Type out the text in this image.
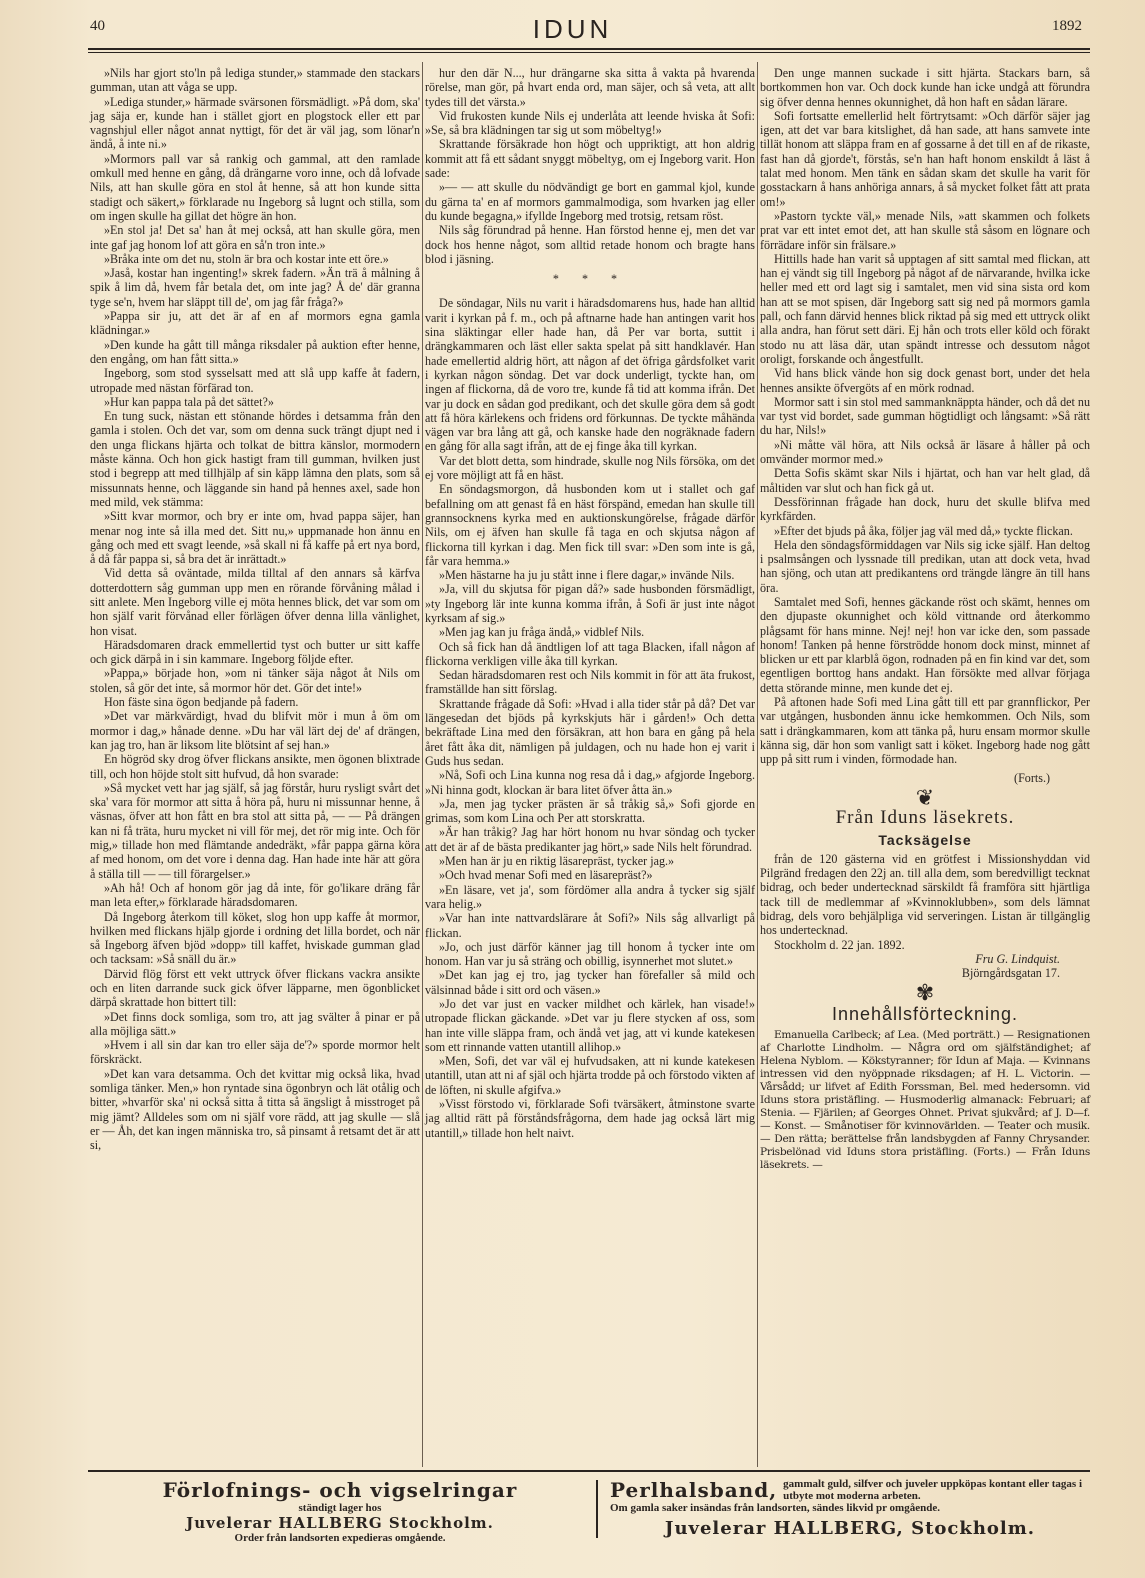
40	IDUN	1892

»Nils har gjort sto'ln på lediga stunder,» stammade den stackars gumman, utan att våga se upp.

»Lediga stunder,» härmade svärsonen försmädligt. »På dom, ska' jag säja er, kunde han i stället gjort en plogstock eller ett par vagnshjul eller något annat nyttigt, för det är väl jag, som lönar'n ändå, å inte ni.»

»Mormors pall var så rankig och gammal, att den ramlade omkull med henne en gång, då drängarne voro inne, och då lofvade Nils, att han skulle göra en stol åt henne, så att hon kunde sitta stadigt och säkert,» förklarade nu Ingeborg så lugnt och stilla, som om ingen skulle ha gillat det högre än hon.

»En stol ja! Det sa' han åt mej också, att han skulle göra, men inte gaf jag honom lof att göra en så'n tron inte.»

»Bråka inte om det nu, stoln är bra och kostar inte ett öre.»

»Jaså, kostar han ingenting!» skrek fadern. »Än trä å målning å spik å lim då, hvem får betala det, om inte jag? Å de' där granna tyge se'n, hvem har släppt till de', om jag får fråga?»

»Pappa sir ju, att det är af en af mormors egna gamla klädningar.»

»Den kunde ha gått till många riksdaler på auktion efter henne, den engång, om han fått sitta.»

Ingeborg, som stod sysselsatt med att slå upp kaffe åt fadern, utropade med nästan förfärad ton.

»Hur kan pappa tala på det sättet?»

En tung suck, nästan ett stönande hördes i detsamma från den gamla i stolen. Och det var, som om denna suck trängt djupt ned i den unga flickans hjärta och tolkat de bittra känslor, mormodern måste känna. Och hon gick hastigt fram till gumman, hvilken just stod i begrepp att med tillhjälp af sin käpp lämna den plats, som så missunnats henne, och läggande sin hand på hennes axel, sade hon med mild, vek stämma:

»Sitt kvar mormor, och bry er inte om, hvad pappa säjer, han menar nog inte så illa med det. Sitt nu,» uppmanade hon ännu en gång och med ett svagt leende, »så skall ni få kaffe på ert nya bord, å då får pappa si, så bra det är inrättadt.»

Vid detta så oväntade, milda tilltal af den annars så kärfva dotterdottern såg gumman upp men en rörande förvåning målad i sitt anlete. Men Ingeborg ville ej möta hennes blick, det var som om hon själf varit förvånad eller förlägen öfver denna lilla vänlighet, hon visat.

Häradsdomaren drack emmellertid tyst och butter ur sitt kaffe och gick därpå in i sin kammare. Ingeborg följde efter.

»Pappa,» började hon, »om ni tänker säja något åt Nils om stolen, så gör det inte, så mormor hör det. Gör det inte!»

Hon fäste sina ögon bedjande på fadern.

»Det var märkvärdigt, hvad du blifvit mör i mun å öm om mormor i dag,» hånade denne. »Du har väl lärt dej de' af drängen, kan jag tro, han är liksom lite blötsint af sej han.»

En högröd sky drog öfver flickans ansikte, men ögonen blixtrade till, och hon höjde stolt sitt hufvud, då hon svarade:

»Så mycket vett har jag själf, så jag förstår, huru rysligt svårt det ska' vara för mormor att sitta å höra på, huru ni missunnar henne, å väsnas, öfver att hon fått en bra stol att sitta på, — — På drängen kan ni få träta, huru mycket ni vill för mej, det rör mig inte. Och för mig,» tillade hon med flämtande andedräkt, »får pappa gärna köra af med honom, om det vore i denna dag. Han hade inte här att göra å ställa till — — till förargelser.»

»Ah hå! Och af honom gör jag då inte, för go'likare dräng får man leta efter,» förklarade häradsdomaren.

Då Ingeborg återkom till köket, slog hon upp kaffe åt mormor, hvilken med flickans hjälp gjorde i ordning det lilla bordet, och när så Ingeborg äfven bjöd »dopp» till kaffet, hviskade gumman glad och tacksam: »Så snäll du är.»

Därvid flög först ett vekt uttryck öfver flickans vackra ansikte och en liten darrande suck gick öfver läpparne, men ögonblicket därpå skrattade hon bittert till:

»Det finns dock somliga, som tro, att jag svälter å pinar er på alla möjliga sätt.»

»Hvem i all sin dar kan tro eller säja de'?» sporde mormor helt förskräckt.

»Det kan vara detsamma. Och det kvittar mig också lika, hvad somliga tänker. Men,» hon ryntade sina ögonbryn och lät otålig och bitter, »hvarför ska' ni också sitta å titta så ängsligt å misstroget på mig jämt? Alldeles som om ni själf vore rädd, att jag skulle — slå er — Åh, det kan ingen människa tro, så pinsamt å retsamt det är att si,

hur den där N..., hur drängarne ska sitta å vakta på hvarenda rörelse, man gör, på hvart enda ord, man säjer, och så veta, att allt tydes till det värsta.»

Vid frukosten kunde Nils ej underlåta att leende hviska åt Sofi: »Se, så bra klädningen tar sig ut som möbeltyg!»

Skrattande försäkrade hon högt och uppriktigt, att hon aldrig kommit att få ett sådant snyggt möbeltyg, om ej Ingeborg varit. Hon sade:

»— — att skulle du nödvändigt ge bort en gammal kjol, kunde du gärna ta' en af mormors gammalmodiga, som hvarken jag eller du kunde begagna,» ifyllde Ingeborg med trotsig, retsam röst.

Nils såg förundrad på henne. Han förstod henne ej, men det var dock hos henne något, som alltid retade honom och bragte hans blod i jäsning.

* * *

De söndagar, Nils nu varit i häradsdomarens hus, hade han alltid varit i kyrkan på f. m., och på aftnarne hade han antingen varit hos sina släktingar eller hade han, då Per var borta, suttit i drängkammaren och läst eller sakta spelat på sitt handklavér. Han hade emellertid aldrig hört, att någon af det öfriga gårdsfolket varit i kyrkan någon söndag. Det var dock underligt, tyckte han, om ingen af flickorna, då de voro tre, kunde få tid att komma ifrån. Det var ju dock en sådan god predikant, och det skulle göra dem så godt att få höra kärlekens och fridens ord förkunnas. De tyckte måhända vägen var bra lång att gå, och kanske hade den nogräknade fadern en gång för alla sagt ifrån, att de ej finge åka till kyrkan.

Var det blott detta, som hindrade, skulle nog Nils försöka, om det ej vore möjligt att få en häst.

En söndagsmorgon, då husbonden kom ut i stallet och gaf befallning om att genast få en häst förspänd, emedan han skulle till grannsocknens kyrka med en auktionskungörelse, frågade därför Nils, om ej äfven han skulle få taga en och skjutsa någon af flickorna till kyrkan i dag. Men fick till svar: »Den som inte is gå, får vara hemma.»

»Men hästarne ha ju ju stått inne i flere dagar,» invände Nils.

»Ja, vill du skjutsa för pigan då?» sade husbonden försmädligt, »ty Ingeborg lär inte kunna komma ifrån, å Sofi är just inte något kyrksam af sig.»

»Men jag kan ju fråga ändå,» vidblef Nils.

Och så fick han då ändtligen lof att taga Blacken, ifall någon af flickorna verkligen ville åka till kyrkan.

Sedan häradsdomaren rest och Nils kommit in för att äta frukost, framställde han sitt förslag.

Skrattande frågade då Sofi: »Hvad i alla tider står på då? Det var längesedan det bjöds på kyrkskjuts här i gården!» Och detta bekräftade Lina med den försäkran, att hon bara en gång på hela året fått åka dit, nämligen på juldagen, och nu hade hon ej varit i Guds hus sedan.

»Nå, Sofi och Lina kunna nog resa då i dag,» afgjorde Ingeborg. »Ni hinna godt, klockan är bara litet öfver åtta än.»

»Ja, men jag tycker prästen är så tråkig så,» Sofi gjorde en grimas, som kom Lina och Per att storskratta.

»Är han tråkig? Jag har hört honom nu hvar söndag och tycker att det är af de bästa predikanter jag hört,» sade Nils helt förundrad.

»Men han är ju en riktig läsarepräst, tycker jag.»

»Och hvad menar Sofi med en läsarepräst?»

»En läsare, vet ja', som fördömer alla andra å tycker sig själf vara helig.»

»Var han inte nattvardslärare åt Sofi?» Nils såg allvarligt på flickan.

»Jo, och just därför känner jag till honom å tycker inte om honom. Han var ju så sträng och obillig, isynnerhet mot slutet.»

»Det kan jag ej tro, jag tycker han förefaller så mild och välsinnad både i sitt ord och väsen.»

»Jo det var just en vacker mildhet och kärlek, han visade!» utropade flickan gäckande. »Det var ju flere stycken af oss, som han inte ville släppa fram, och ändå vet jag, att vi kunde katekesen som ett rinnande vatten utantill allihop.»

»Men, Sofi, det var väl ej hufvudsaken, att ni kunde katekesen utantill, utan att ni af själ och hjärta trodde på och förstodo vikten af de löften, ni skulle afgifva.»

»Visst förstodo vi, förklarade Sofi tvärsäkert, åtminstone svarte jag alltid rätt på förståndsfrågorna, dem hade jag också lärt mig utantill,» tillade hon helt naivt.

Den unge mannen suckade i sitt hjärta. Stackars barn, så bortkommen hon var. Och dock kunde han icke undgå att förundra sig öfver denna hennes okunnighet, då hon haft en sådan lärare.

Sofi fortsatte emellerlid helt förtrytsamt: »Och därför säjer jag igen, att det var bara kitslighet, då han sade, att hans samvete inte tillät honom att släppa fram en af gossarne å det till en af de rikaste, fast han då gjorde't, förstås, se'n han haft honom enskildt å läst å talat med honom. Men tänk en sådan skam det skulle ha varit för gosstackarn å hans anhöriga annars, å så mycket folket fått att prata om!»

»Pastorn tyckte väl,» menade Nils, »att skammen och folkets prat var ett intet emot det, att han skulle stå såsom en lögnare och förrädare inför sin frälsare.»

Hittills hade han varit så upptagen af sitt samtal med flickan, att han ej vändt sig till Ingeborg på något af de närvarande, hvilka icke heller med ett ord lagt sig i samtalet, men vid sina sista ord kom han att se mot spisen, där Ingeborg satt sig ned på mormors gamla pall, och fann därvid hennes blick riktad på sig med ett uttryck olikt alla andra, han förut sett däri. Ej hån och trots eller köld och förakt stodo nu att läsa där, utan spändt intresse och dessutom något oroligt, forskande och ångestfullt.

Vid hans blick vände hon sig dock genast bort, under det hela hennes ansikte öfvergöts af en mörk rodnad.

Mormor satt i sin stol med sammanknäppta händer, och då det nu var tyst vid bordet, sade gumman högtidligt och långsamt: »Så rätt du har, Nils!»

»Ni måtte väl höra, att Nils också är läsare å håller på och omvänder mormor med.»

Detta Sofis skämt skar Nils i hjärtat, och han var helt glad, då måltiden var slut och han fick gå ut.

Dessförinnan frågade han dock, huru det skulle blifva med kyrkfärden.

»Efter det bjuds på åka, följer jag väl med då,» tyckte flickan.

Hela den söndagsförmiddagen var Nils sig icke själf. Han deltog i psalmsången och lyssnade till predikan, utan att dock veta, hvad han sjöng, och utan att predikantens ord trängde längre än till hans öra.

Samtalet med Sofi, hennes gäckande röst och skämt, hennes om den djupaste okunnighet och köld vittnande ord återkommo plågsamt för hans minne. Nej! nej! hon var icke den, som passade honom! Tanken på henne förströdde honom dock minst, minnet af blicken ur ett par klarblå ögon, rodnaden på en fin kind var det, som egentligen borttog hans andakt. Han försökte med allvar förjaga detta störande minne, men kunde det ej.

På aftonen hade Sofi med Lina gått till ett par grannflickor, Per var utgången, husbonden ännu icke hemkommen. Och Nils, som satt i drängkammaren, kom att tänka på, huru ensam mormor skulle känna sig, där hon som vanligt satt i köket. Ingeborg hade nog gått upp på sitt rum i vinden, förmodade han.

(Forts.)
❦
Från Iduns läsekrets.
Tacksägelse

från de 120 gästerna vid en grötfest i Missionshyddan vid Pilgränd fredagen den 22j an. till alla dem, som beredvilligt tecknat bidrag, och beder undertecknad särskildt få framföra sitt hjärtliga tack till de medlemmar af »Kvinnoklubben», som dels lämnat bidrag, dels voro behjälpliga vid serveringen. Listan är tillgänglig hos undertecknad.

Stockholm d. 22 jan. 1892.

Fru G. Lindquist.
Björngårdsgatan 17.
✾
Innehållsförteckning.

Emanuella Carlbeck; af Lea. (Med porträtt.) — Resignationen af Charlotte Lindholm. — Några ord om själfständighet; af Helena Nyblom. — Kökstyranner; för Idun af Maja. — Kvinnans intressen vid den nyöppnade riksdagen; af H. L. Victorin. — Vårsådd; ur lifvet af Edith Forssman, Bel. med hedersomn. vid Iduns stora pristäfling. — Husmoderlig almanack: Februari; af Stenia. — Fjärilen; af Georges Ohnet. Privat sjukvård; af J. D—f. — Konst. — Smånotiser för kvinnovärlden. — Teater och musik. — Den rätta; berättelse från landsbygden af Fanny Chrysander. Prisbelönad vid Iduns stora pristäfling. (Forts.) — Från Iduns läsekrets. —

Förlofnings- och vigselringar
ständigt lager hos
Juvelerar HALLBERG Stockholm.
Order från landsorten expedieras omgående.
Perlhalsband, gammalt guld, silfver och juveler uppköpas kontant eller tagas i utbyte mot moderna arbeten.
Om gamla saker insändas från landsorten, sändes likvid pr omgående.
Juvelerar HALLBERG, Stockholm.
